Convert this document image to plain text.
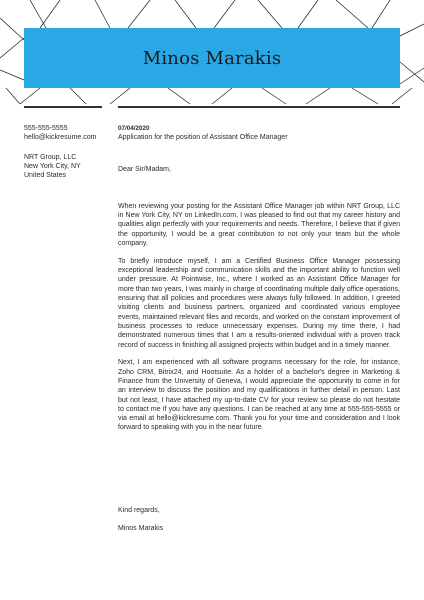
Minos Marakis
555-555-5555
hello@kickresume.com
NRT Group, LLC
New York City, NY
United States
07/04/2020
Application for the position of Assistant Office Manager
Dear Sir/Madam,

When reviewing your posting for the Assistant Office Manager job within NRT Group, LLC in New York City, NY on LinkedIn.com, I was pleased to find out that my career history and qualities align perfectly with your requirements and needs. Therefore, I believe that if given the opportunity, I would be a great contribution to not only your team but the whole company.

To briefly introduce myself, I am a Certified Business Office Manager possessing exceptional leadership and communication skills and the important ability to function well under pressure. At Pointwise, Inc., where I worked as an Assistant Office Manager for more than two years, I was mainly in charge of coordinating multiple daily office operations, ensuring that all policies and procedures were always fully followed. In addition, I greeted visiting clients and business partners, organized and coordinated various employee events, maintained relevant files and records, and worked on the constant improvement of business processes to reduce unnecessary expenses. During my time there, I had demonstrated numerous times that I am a results-oriented individual with a proven track record of success in finishing all assigned projects within budget and in a timely manner.

Next, I am experienced with all software programs necessary for the role, for instance, Zoho CRM, Bitrix24, and Hootsuite. As a holder of a bachelor's degree in Marketing & Finance from the University of Geneva, I would appreciate the opportunity to come in for an interview to discuss the position and my qualifications in further detail in person. Last but not least, I have attached my up-to-date CV for your review so please do not hesitate to contact me if you have any questions. I can be reached at any time at 555-555-5555 or via email at hello@kickresume.com. Thank you for your time and consideration and I look forward to speaking with you in the near future.

Kind regards,
Minos Marakis
